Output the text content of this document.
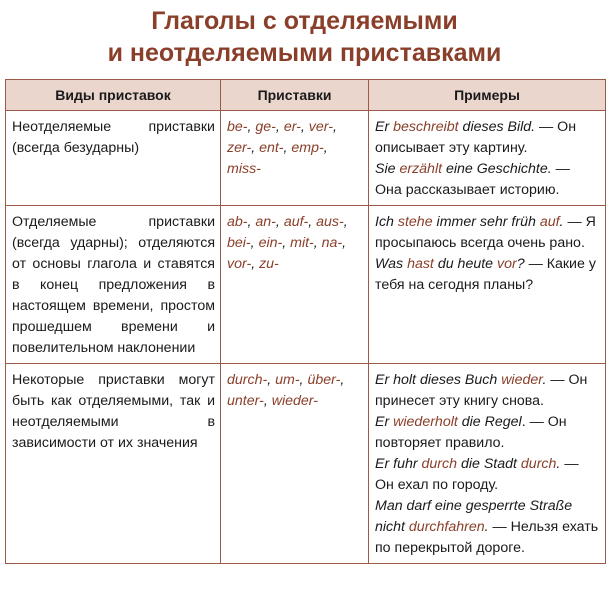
Глаголы с отделяемыми
и неотделяемыми приставками
Виды приставок	Приставки	Примеры
Неотделяемые приставки (всегда безударны)	be-, ge-, er-, ver-, zer-, ent-, emp-, miss-	Er beschreibt dieses Bild. — Он описывает эту картину.
Sie erzählt eine Geschichte. — Она рассказывает историю.

Отделяемые приставки (всегда ударны); отделяются от основы глагола и ставятся в конец предложения в настоящем времени, простом прошедшем времени и повелительном наклонении	ab-, an-, auf-, aus-, bei-, ein-, mit-, na-, vor-, zu-	Ich stehe immer sehr früh auf. — Я просыпаюсь всегда очень рано.
Was hast du heute vor? — Какие у тебя на сегодня планы?

Некоторые приставки могут быть как отделяемыми, так и неотделяемыми в зависимости от их значения	durch-, um-, über-, unter-, wieder-	Er holt dieses Buch wieder. — Он принесет эту книгу снова.
Er wiederholt die Regel. — Он повторяет правило.
Er fuhr durch die Stadt durch. — Он ехал по городу.
Man darf eine gesperrte Straße nicht durchfahren. — Нельзя ехать по перекрытой дороге.
